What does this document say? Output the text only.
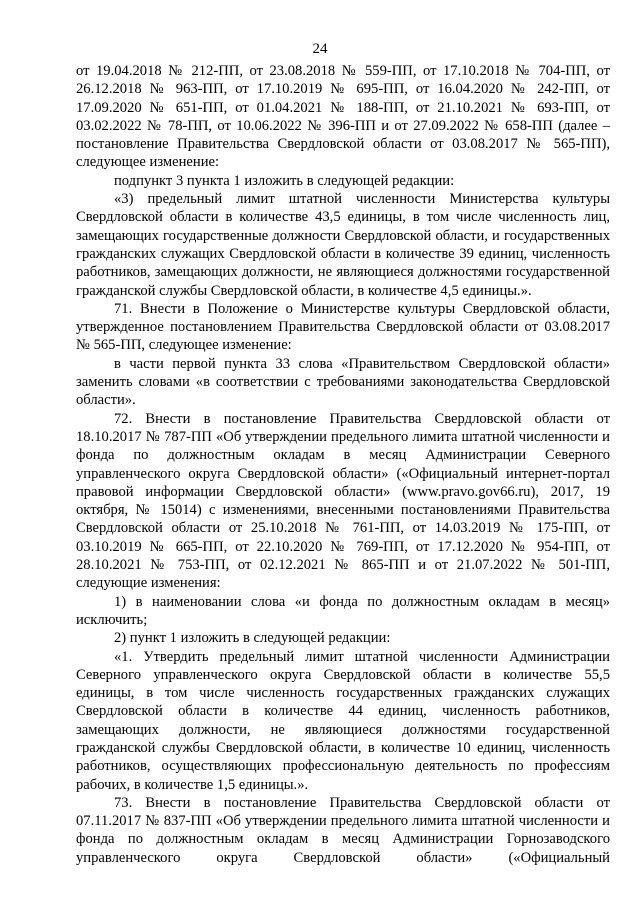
24

от 19.04.2018 № 212-ПП, от 23.08.2018 № 559-ПП, от 17.10.2018 № 704-ПП, от 26.12.2018 № 963-ПП, от 17.10.2019 № 695-ПП, от 16.04.2020 № 242-ПП, от 17.09.2020 № 651-ПП, от 01.04.2021 № 188-ПП, от 21.10.2021 № 693-ПП, от 03.02.2022 № 78-ПП, от 10.06.2022 № 396-ПП и от 27.09.2022 № 658-ПП (далее – постановление Правительства Свердловской области от 03.08.2017 № 565-ПП), следующее изменение:

подпункт 3 пункта 1 изложить в следующей редакции:

«3) предельный лимит штатной численности Министерства культуры Свердловской области в количестве 43,5 единицы, в том числе численность лиц, замещающих государственные должности Свердловской области, и государственных гражданских служащих Свердловской области в количестве 39 единиц, численность работников, замещающих должности, не являющиеся должностями государственной гражданской службы Свердловской области, в количестве 4,5 единицы.».

71. Внести в Положение о Министерстве культуры Свердловской области, утвержденное постановлением Правительства Свердловской области от 03.08.2017 № 565-ПП, следующее изменение:

в части первой пункта 33 слова «Правительством Свердловской области» заменить словами «в соответствии с требованиями законодательства Свердловской области».

72. Внести в постановление Правительства Свердловской области от 18.10.2017 № 787-ПП «Об утверждении предельного лимита штатной численности и фонда по должностным окладам в месяц Администрации Северного управленческого округа Свердловской области» («Официальный интернет-портал правовой информации Свердловской области» (www.pravo.gov66.ru), 2017, 19 октября, № 15014) с изменениями, внесенными постановлениями Правительства Свердловской области от 25.10.2018 № 761-ПП, от 14.03.2019 № 175-ПП, от 03.10.2019 № 665-ПП, от 22.10.2020 № 769-ПП, от 17.12.2020 № 954-ПП, от 28.10.2021 № 753-ПП, от 02.12.2021 № 865-ПП и от 21.07.2022 № 501-ПП, следующие изменения:

1) в наименовании слова «и фонда по должностным окладам в месяц» исключить;

2) пункт 1 изложить в следующей редакции:

«1. Утвердить предельный лимит штатной численности Администрации Северного управленческого округа Свердловской области в количестве 55,5 единицы, в том числе численность государственных гражданских служащих Свердловской области в количестве 44 единиц, численность работников, замещающих должности, не являющиеся должностями государственной гражданской службы Свердловской области, в количестве 10 единиц, численность работников, осуществляющих профессиональную деятельность по профессиям рабочих, в количестве 1,5 единицы.».

73. Внести в постановление Правительства Свердловской области от 07.11.2017 № 837-ПП «Об утверждении предельного лимита штатной численности и фонда по должностным окладам в месяц Администрации Горнозаводского управленческого округа Свердловской области» («Официальный
